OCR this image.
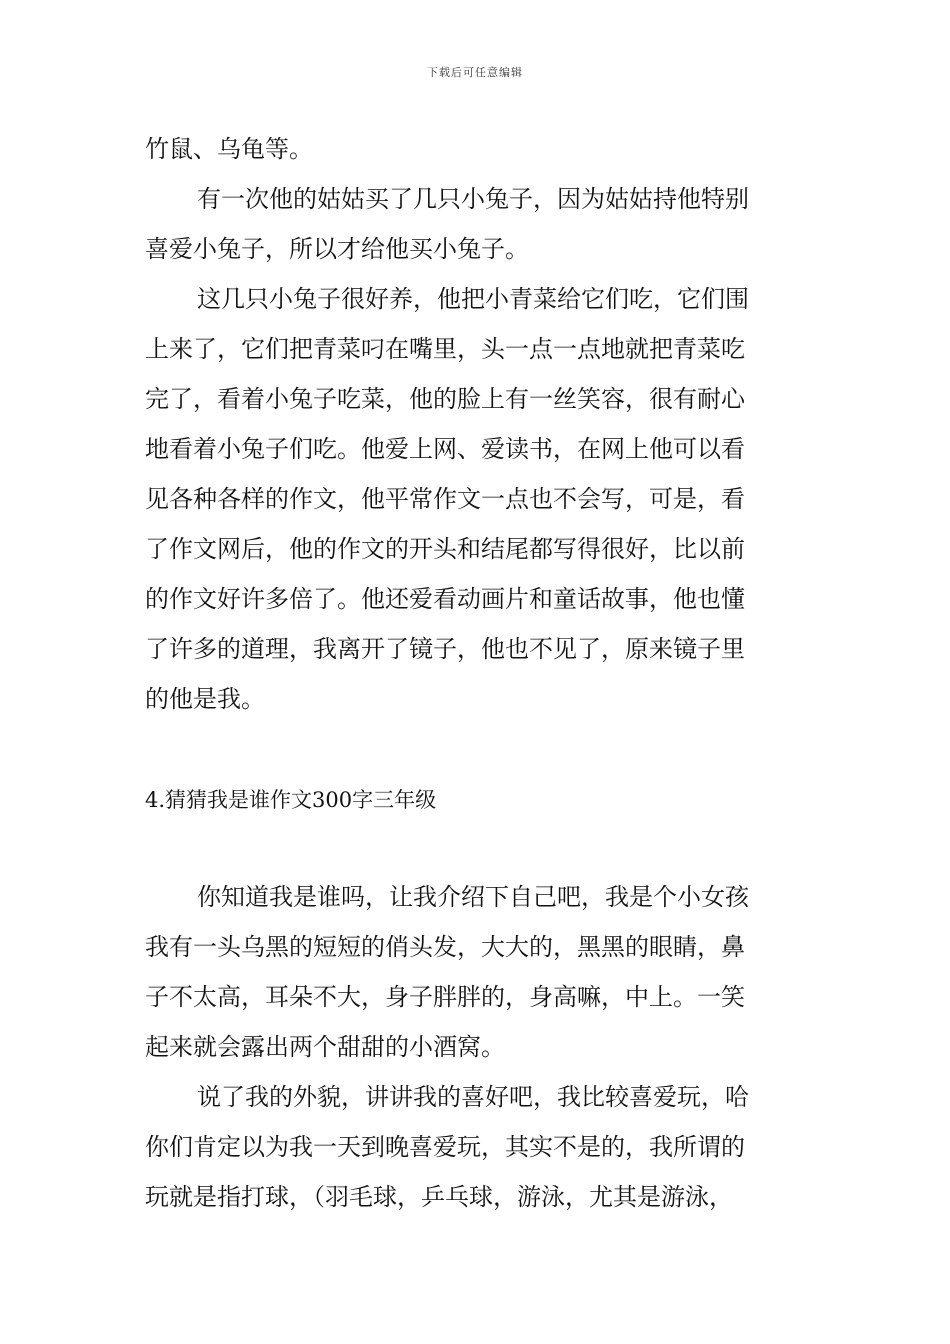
下载后可任意编辑
竹鼠、乌龟等。
有一次他的姑姑买了几只小兔子，因为姑姑持他特别
喜爱小兔子，所以才给他买小兔子。
这几只小兔子很好养，他把小青菜给它们吃，它们围
上来了，它们把青菜叼在嘴里，头一点一点地就把青菜吃
完了，看着小兔子吃菜，他的脸上有一丝笑容，很有耐心
地看着小兔子们吃。他爱上网、爱读书，在网上他可以看
见各种各样的作文，他平常作文一点也不会写，可是，看
了作文网后，他的作文的开头和结尾都写得很好，比以前
的作文好许多倍了。他还爱看动画片和童话故事，他也懂
了许多的道理，我离开了镜子，他也不见了，原来镜子里
的他是我。
4.猜猜我是谁作文300字三年级
你知道我是谁吗，让我介绍下自己吧，我是个小女孩
我有一头乌黑的短短的俏头发，大大的，黑黑的眼睛，鼻
子不太高，耳朵不大，身子胖胖的，身高嘛，中上。一笑
起来就会露出两个甜甜的小酒窝。
说了我的外貌，讲讲我的喜好吧，我比较喜爱玩，哈
你们肯定以为我一天到晚喜爱玩，其实不是的，我所谓的
玩就是指打球，（羽毛球，乒乓球，游泳，尤其是游泳，
